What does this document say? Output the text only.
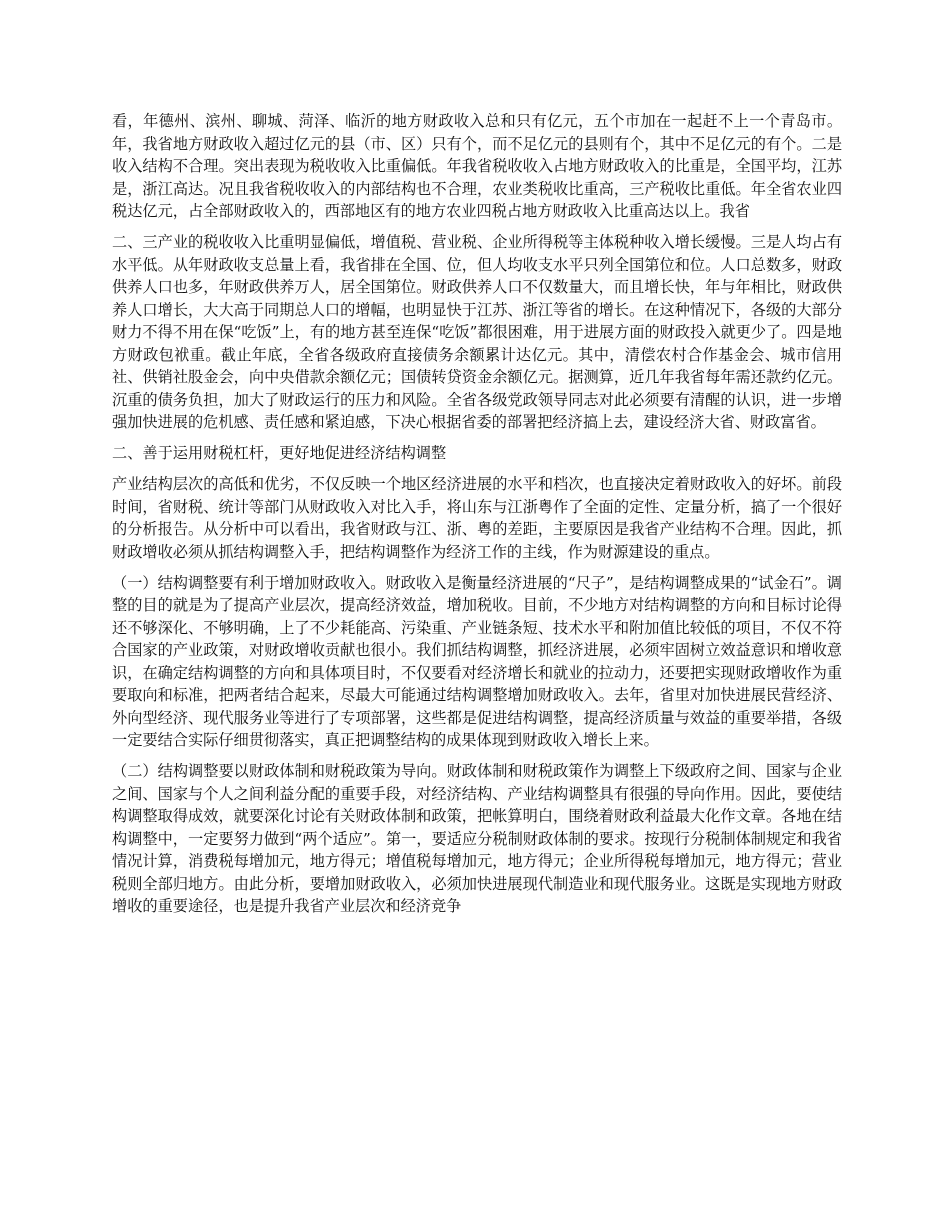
看，年德州、滨州、聊城、菏泽、临沂的地方财政收入总和只有亿元，五个市加在一起赶不上一个青岛市。年，我省地方财政收入超过亿元的县（市、区）只有个，而不足亿元的县则有个，其中不足亿元的有个。二是收入结构不合理。突出表现为税收收入比重偏低。年我省税收收入占地方财政收入的比重是，全国平均，江苏是，浙江高达。况且我省税收收入的内部结构也不合理，农业类税收比重高，三产税收比重低。年全省农业四税达亿元，占全部财政收入的，西部地区有的地方农业四税占地方财政收入比重高达以上。我省

二、三产业的税收收入比重明显偏低，增值税、营业税、企业所得税等主体税种收入增长缓慢。三是人均占有水平低。从年财政收支总量上看，我省排在全国、位，但人均收支水平只列全国第位和位。人口总数多，财政供养人口也多，年财政供养万人，居全国第位。财政供养人口不仅数量大，而且增长快，年与年相比，财政供养人口增长，大大高于同期总人口的增幅，也明显快于江苏、浙江等省的增长。在这种情况下，各级的大部分财力不得不用在保“吃饭”上，有的地方甚至连保“吃饭”都很困难，用于进展方面的财政投入就更少了。四是地方财政包袱重。截止年底，全省各级政府直接债务余额累计达亿元。其中，清偿农村合作基金会、城市信用社、供销社股金会，向中央借款余额亿元；国债转贷资金余额亿元。据测算，近几年我省每年需还款约亿元。沉重的债务负担，加大了财政运行的压力和风险。全省各级党政领导同志对此必须要有清醒的认识，进一步增强加快进展的危机感、责任感和紧迫感，下决心根据省委的部署把经济搞上去，建设经济大省、财政富省。

二、善于运用财税杠杆，更好地促进经济结构调整

产业结构层次的高低和优劣，不仅反映一个地区经济进展的水平和档次，也直接决定着财政收入的好坏。前段时间，省财税、统计等部门从财政收入对比入手，将山东与江浙粤作了全面的定性、定量分析，搞了一个很好的分析报告。从分析中可以看出，我省财政与江、浙、粤的差距，主要原因是我省产业结构不合理。因此，抓财政增收必须从抓结构调整入手，把结构调整作为经济工作的主线，作为财源建设的重点。

（一）结构调整要有利于增加财政收入。财政收入是衡量经济进展的“尺子”，是结构调整成果的“试金石”。调整的目的就是为了提高产业层次，提高经济效益，增加税收。目前，不少地方对结构调整的方向和目标讨论得还不够深化、不够明确，上了不少耗能高、污染重、产业链条短、技术水平和附加值比较低的项目，不仅不符合国家的产业政策，对财政增收贡献也很小。我们抓结构调整，抓经济进展，必须牢固树立效益意识和增收意识，在确定结构调整的方向和具体项目时，不仅要看对经济增长和就业的拉动力，还要把实现财政增收作为重要取向和标准，把两者结合起来，尽最大可能通过结构调整增加财政收入。去年，省里对加快进展民营经济、外向型经济、现代服务业等进行了专项部署，这些都是促进结构调整，提高经济质量与效益的重要举措，各级一定要结合实际仔细贯彻落实，真正把调整结构的成果体现到财政收入增长上来。

（二）结构调整要以财政体制和财税政策为导向。财政体制和财税政策作为调整上下级政府之间、国家与企业之间、国家与个人之间利益分配的重要手段，对经济结构、产业结构调整具有很强的导向作用。因此，要使结构调整取得成效，就要深化讨论有关财政体制和政策，把帐算明白，围绕着财政利益最大化作文章。各地在结构调整中，一定要努力做到“两个适应”。第一，要适应分税制财政体制的要求。按现行分税制体制规定和我省情况计算，消费税每增加元，地方得元；增值税每增加元，地方得元；企业所得税每增加元，地方得元；营业税则全部归地方。由此分析，要增加财政收入，必须加快进展现代制造业和现代服务业。这既是实现地方财政增收的重要途径，也是提升我省产业层次和经济竞争
